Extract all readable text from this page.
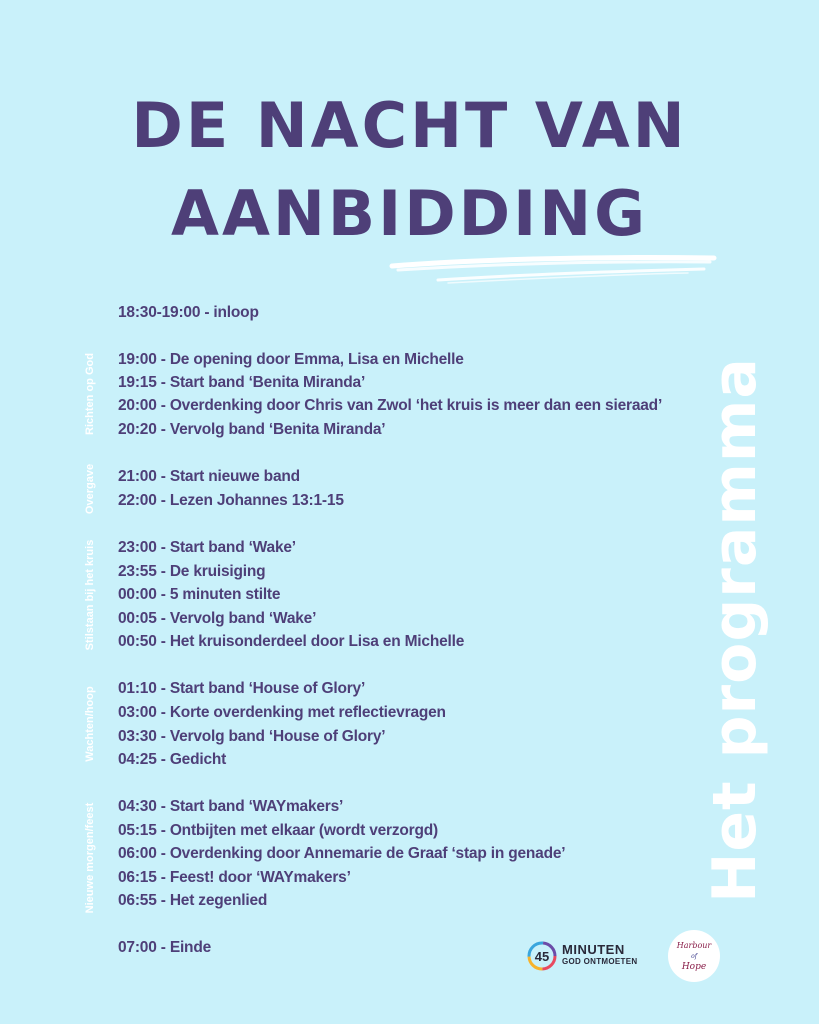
DE NACHT VAN
AANBIDDING
18:30-19:00 - inloop
19:00 - De opening door Emma, Lisa en Michelle
19:15 - Start band ‘Benita Miranda’
20:00 - Overdenking door Chris van Zwol ‘het kruis is meer dan een sieraad’
20:20 - Vervolg band ‘Benita Miranda’
21:00 - Start nieuwe band
22:00 - Lezen Johannes 13:1-15
23:00 - Start band ‘Wake’
23:55 - De kruisiging
00:00 - 5 minuten stilte
00:05 - Vervolg band ‘Wake’
00:50 - Het kruisonderdeel door Lisa en Michelle
01:10 - Start band ‘House of Glory’
03:00 - Korte overdenking met reflectievragen
03:30 - Vervolg band ‘House of Glory’
04:25 - Gedicht
04:30 - Start band ‘WAYmakers’
05:15 - Ontbijten met elkaar (wordt verzorgd)
06:00 - Overdenking door Annemarie de Graaf ‘stap in genade’
06:15 - Feest! door ‘WAYmakers’
06:55 - Het zegenlied
07:00 - Einde
Richten op God
Overgave
Stilstaan bij het kruis
Wachten/hoop
Nieuwe morgen/feest	Het programma
45 MINUTEN
GOD ONTMOETEN
Harbour
of
Hope
